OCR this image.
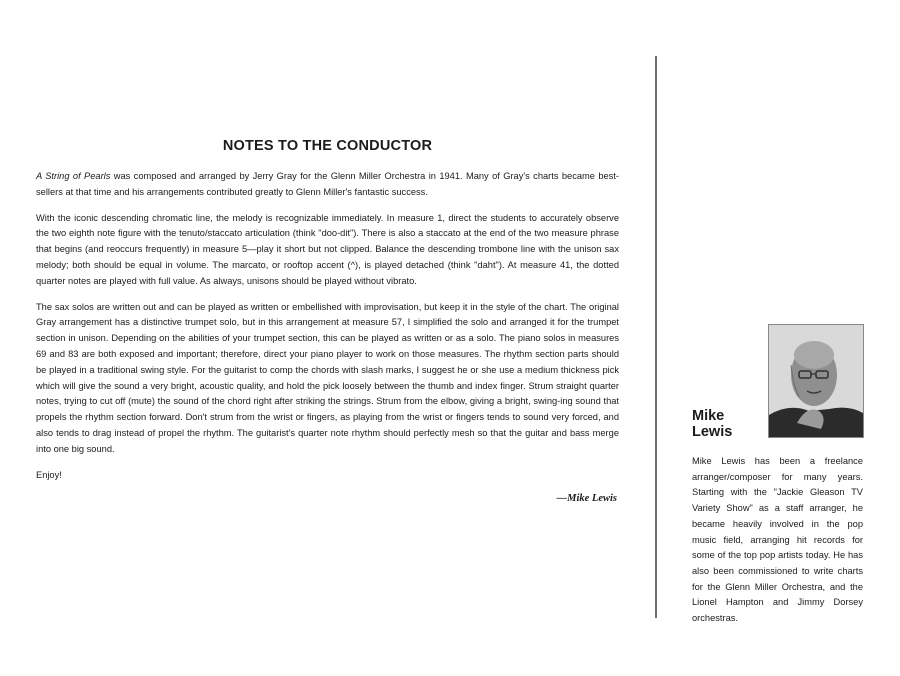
NOTES TO THE CONDUCTOR

A String of Pearls was composed and arranged by Jerry Gray for the Glenn Miller Orchestra in 1941. Many of Gray's charts became best-sellers at that time and his arrangements contributed greatly to Glenn Miller's fantastic success.

With the iconic descending chromatic line, the melody is recognizable immediately. In measure 1, direct the students to accurately observe the two eighth note figure with the tenuto/staccato articulation (think "doo-dit"). There is also a staccato at the end of the two measure phrase that begins (and reoccurs frequently) in measure 5—play it short but not clipped. Balance the descending trombone line with the unison sax melody; both should be equal in volume. The marcato, or rooftop accent (^), is played detached (think "daht"). At measure 41, the dotted quarter notes are played with full value. As always, unisons should be played without vibrato.

The sax solos are written out and can be played as written or embellished with improvisation, but keep it in the style of the chart. The original Gray arrangement has a distinctive trumpet solo, but in this arrangement at measure 57, I simplified the solo and arranged it for the trumpet section in unison. Depending on the abilities of your trumpet section, this can be played as written or as a solo. The piano solos in measures 69 and 83 are both exposed and important; therefore, direct your piano player to work on those measures. The rhythm section parts should be played in a traditional swing style. For the guitarist to comp the chords with slash marks, I suggest he or she use a medium thickness pick which will give the sound a very bright, acoustic quality, and hold the pick loosely between the thumb and index finger. Strum straight quarter notes, trying to cut off (mute) the sound of the chord right after striking the strings. Strum from the elbow, giving a bright, swing-ing sound that propels the rhythm section forward. Don't strum from the wrist or fingers, as playing from the wrist or fingers tends to sound very forced, and also tends to drag instead of propel the rhythm. The guitarist's quarter note rhythm should perfectly mesh so that the guitar and bass merge into one big sound.

Enjoy!

—Mike Lewis
Mike
Lewis

Mike Lewis has been a freelance arranger/composer for many years. Starting with the "Jackie Gleason TV Variety Show" as a staff arranger, he became heavily involved in the pop music field, arranging hit records for some of the top pop artists today. He has also been commissioned to write charts for the Glenn Miller Orchestra, and the Lionel Hampton and Jimmy Dorsey orchestras.
